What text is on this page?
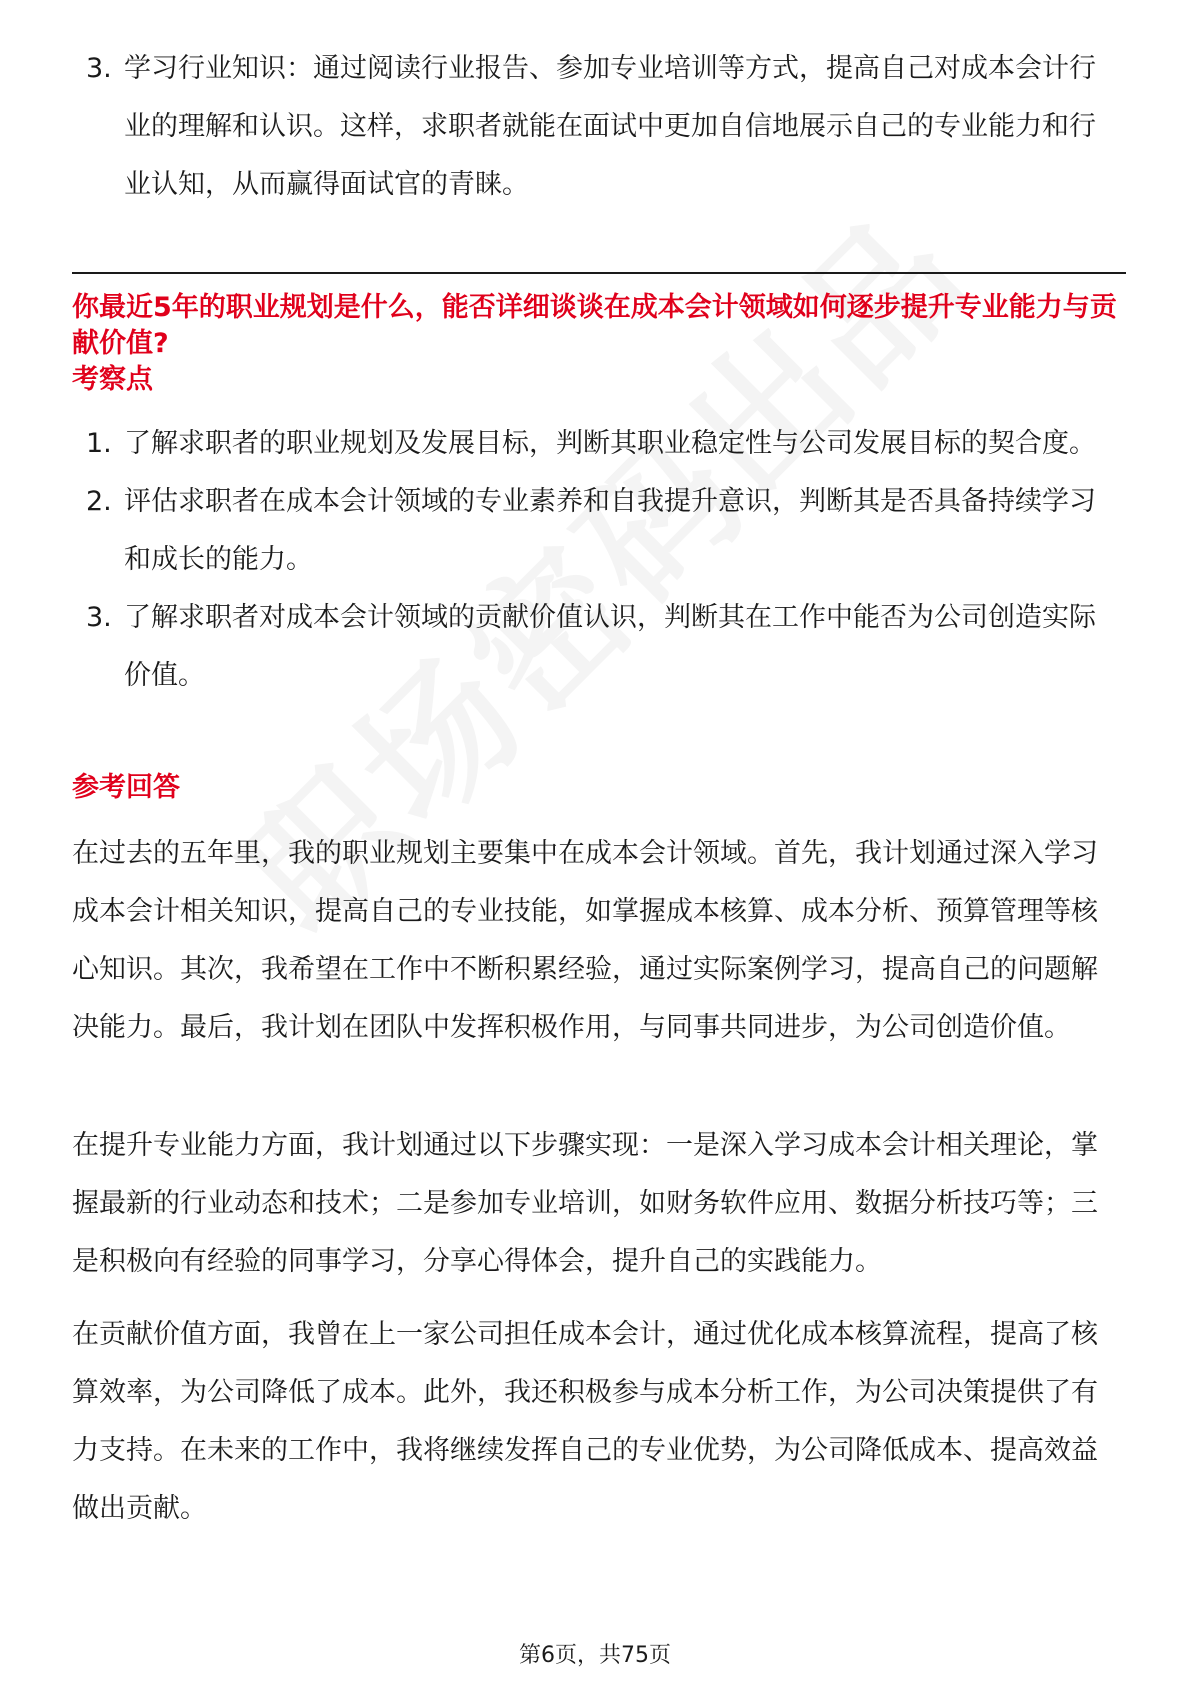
3. 学习行业知识：通过阅读行业报告、参加专业培训等方式，提高自己对成本会计行业的理解和认识。这样，求职者就能在面试中更加自信地展示自己的专业能力和行业认知，从而赢得面试官的青睐。
你最近5年的职业规划是什么，能否详细谈谈在成本会计领域如何逐步提升专业能力与贡献价值?
考察点
1. 了解求职者的职业规划及发展目标，判断其职业稳定性与公司发展目标的契合度。
2. 评估求职者在成本会计领域的专业素养和自我提升意识，判断其是否具备持续学习和成长的能力。
3. 了解求职者对成本会计领域的贡献价值认识，判断其在工作中能否为公司创造实际价值。
参考回答
在过去的五年里，我的职业规划主要集中在成本会计领域。首先，我计划通过深入学习成本会计相关知识，提高自己的专业技能，如掌握成本核算、成本分析、预算管理等核心知识。其次，我希望在工作中不断积累经验，通过实际案例学习，提高自己的问题解决能力。最后，我计划在团队中发挥积极作用，与同事共同进步，为公司创造价值。
在提升专业能力方面，我计划通过以下步骤实现：一是深入学习成本会计相关理论，掌握最新的行业动态和技术；二是参加专业培训，如财务软件应用、数据分析技巧等；三是积极向有经验的同事学习，分享心得体会，提升自己的实践能力。
在贡献价值方面，我曾在上一家公司担任成本会计，通过优化成本核算流程，提高了核算效率，为公司降低了成本。此外，我还积极参与成本分析工作，为公司决策提供了有力支持。在未来的工作中，我将继续发挥自己的专业优势，为公司降低成本、提高效益做出贡献。
第6页，共75页
